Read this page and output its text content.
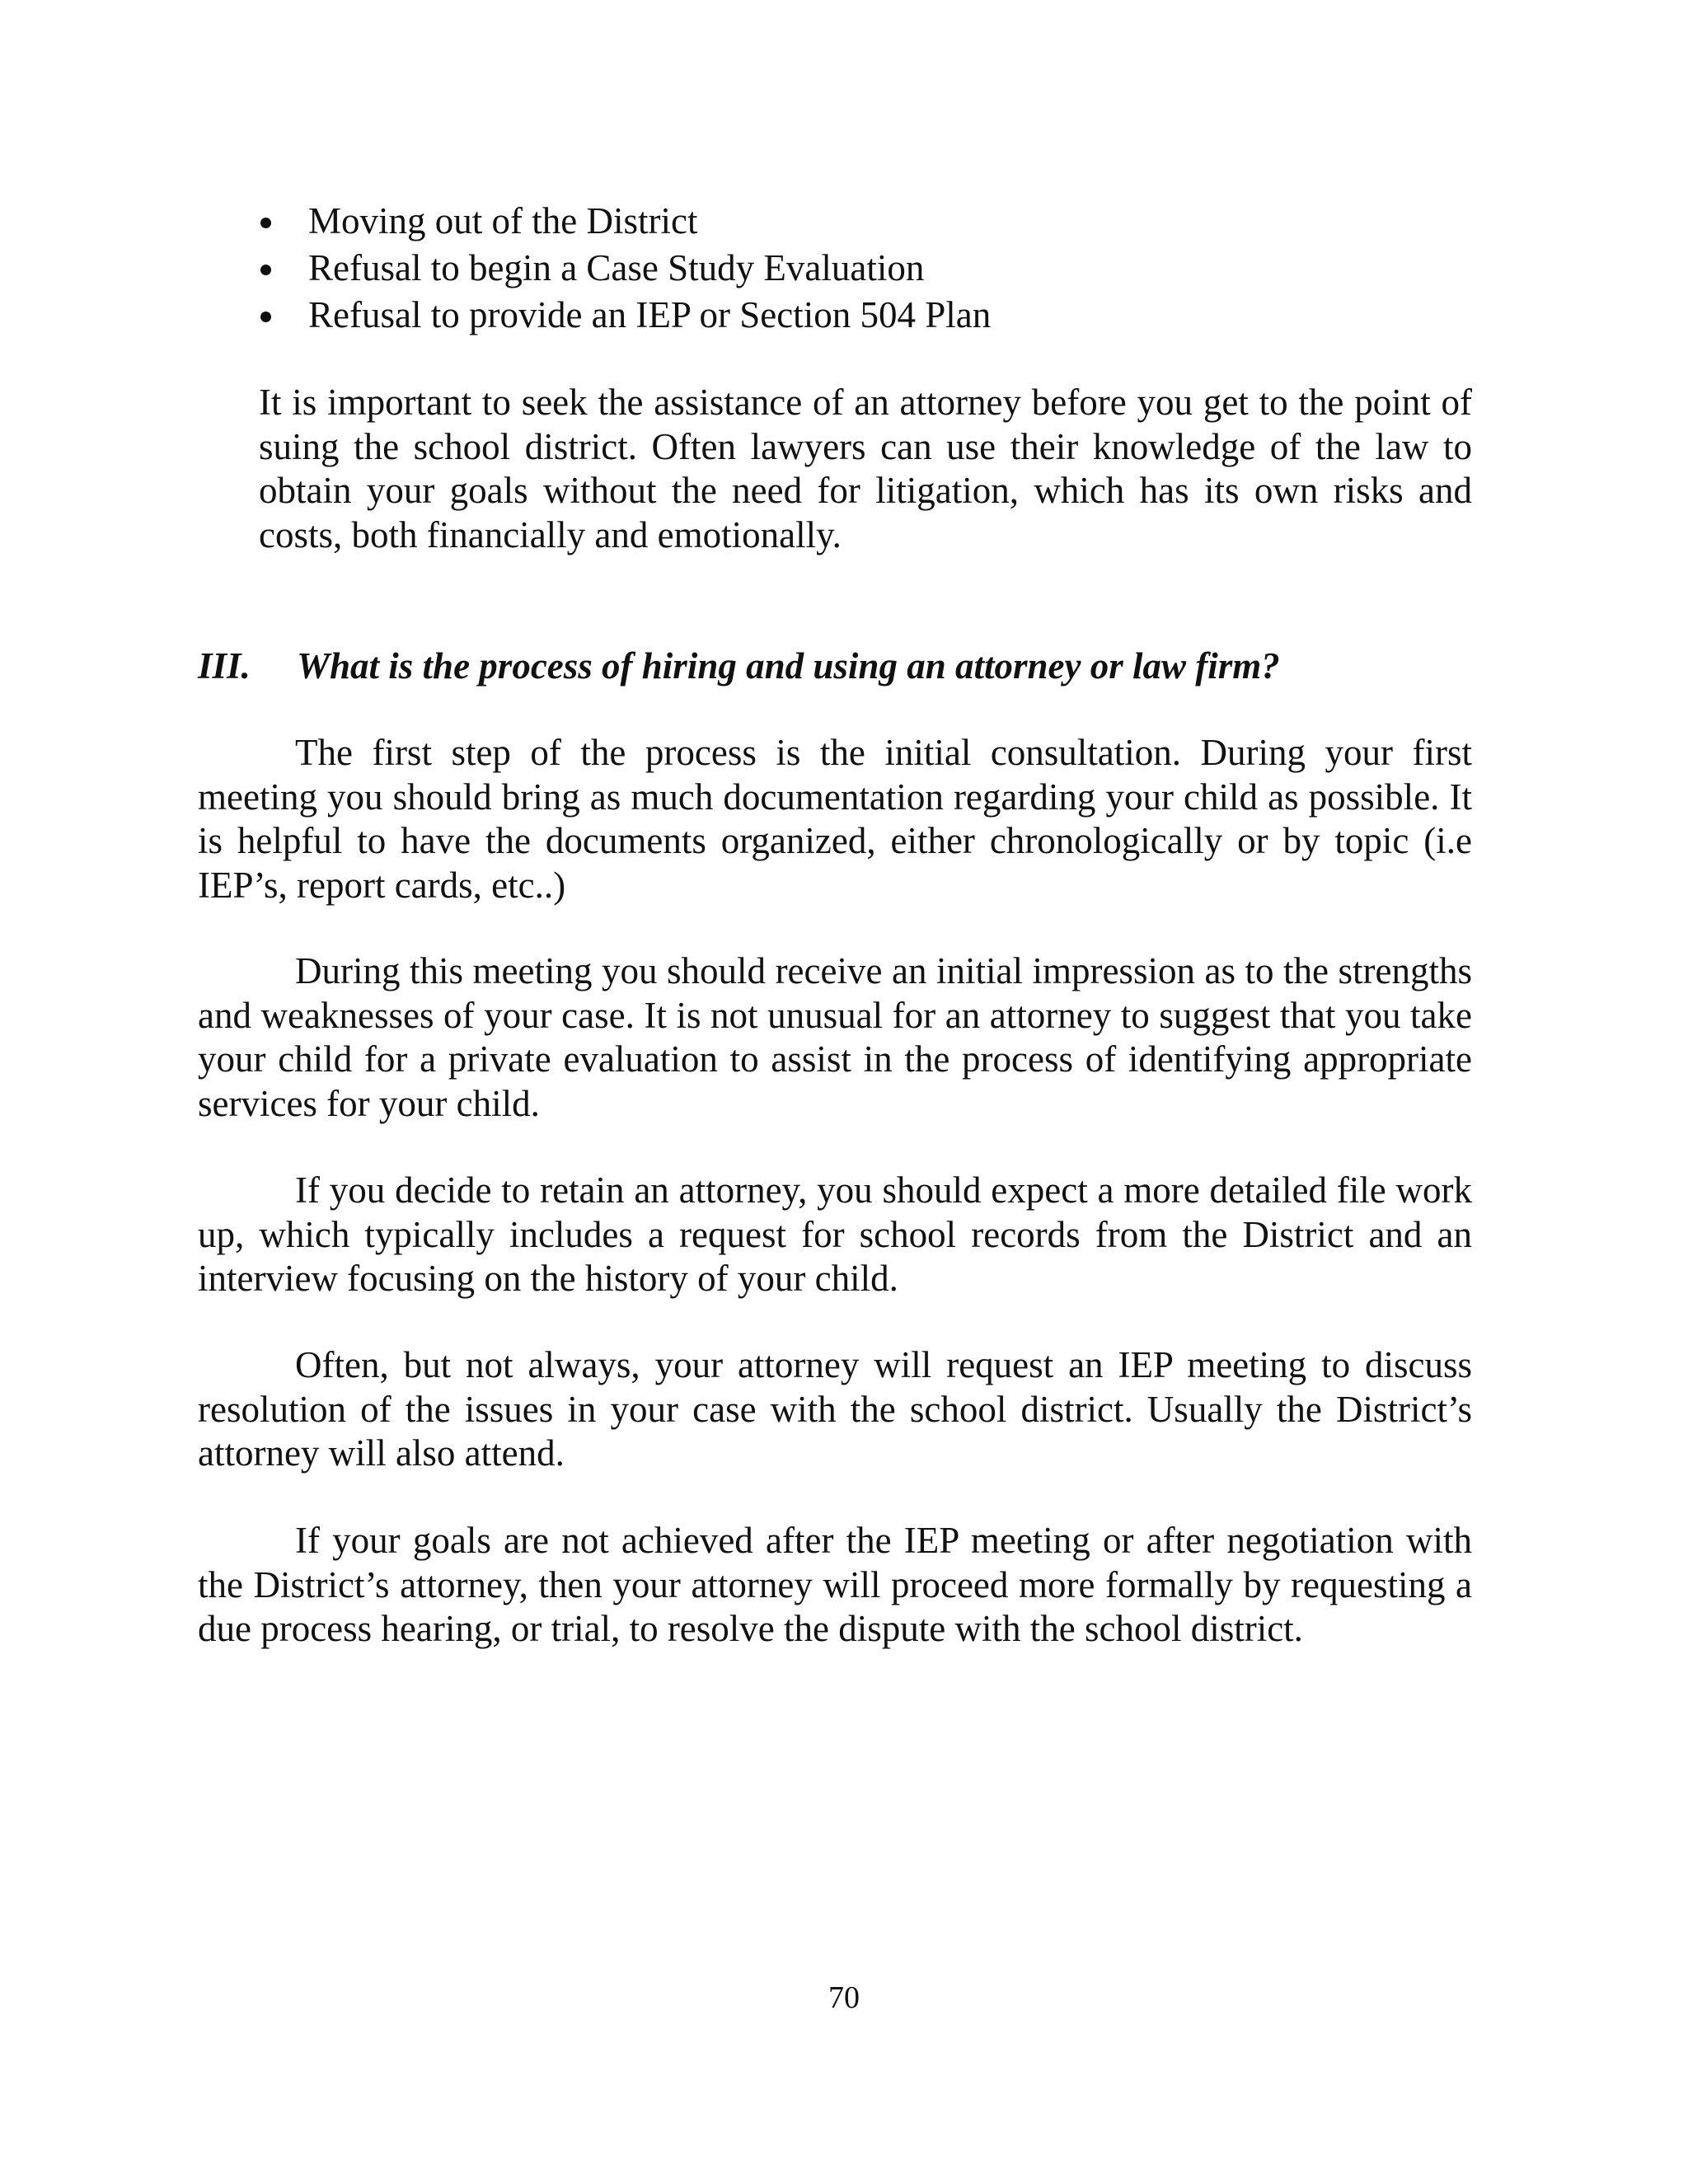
Moving out of the District
Refusal to begin a Case Study Evaluation
Refusal to provide an IEP or Section 504 Plan

It is important to seek the assistance of an attorney before you get to the point of suing the school district. Often lawyers can use their knowledge of the law to obtain your goals without the need for litigation, which has its own risks and costs, both financially and emotionally.

III. What is the process of hiring and using an attorney or law firm?

The first step of the process is the initial consultation. During your first meeting you should bring as much documentation regarding your child as possible. It is helpful to have the documents organized, either chronologically or by topic (i.e IEP’s, report cards, etc..)

During this meeting you should receive an initial impression as to the strengths and weaknesses of your case. It is not unusual for an attorney to suggest that you take your child for a private evaluation to assist in the process of identifying appropriate services for your child.

If you decide to retain an attorney, you should expect a more detailed file work up, which typically includes a request for school records from the District and an interview focusing on the history of your child.

Often, but not always, your attorney will request an IEP meeting to discuss resolution of the issues in your case with the school district. Usually the District’s attorney will also attend.

If your goals are not achieved after the IEP meeting or after negotiation with the District’s attorney, then your attorney will proceed more formally by requesting a due process hearing, or trial, to resolve the dispute with the school district.

70
